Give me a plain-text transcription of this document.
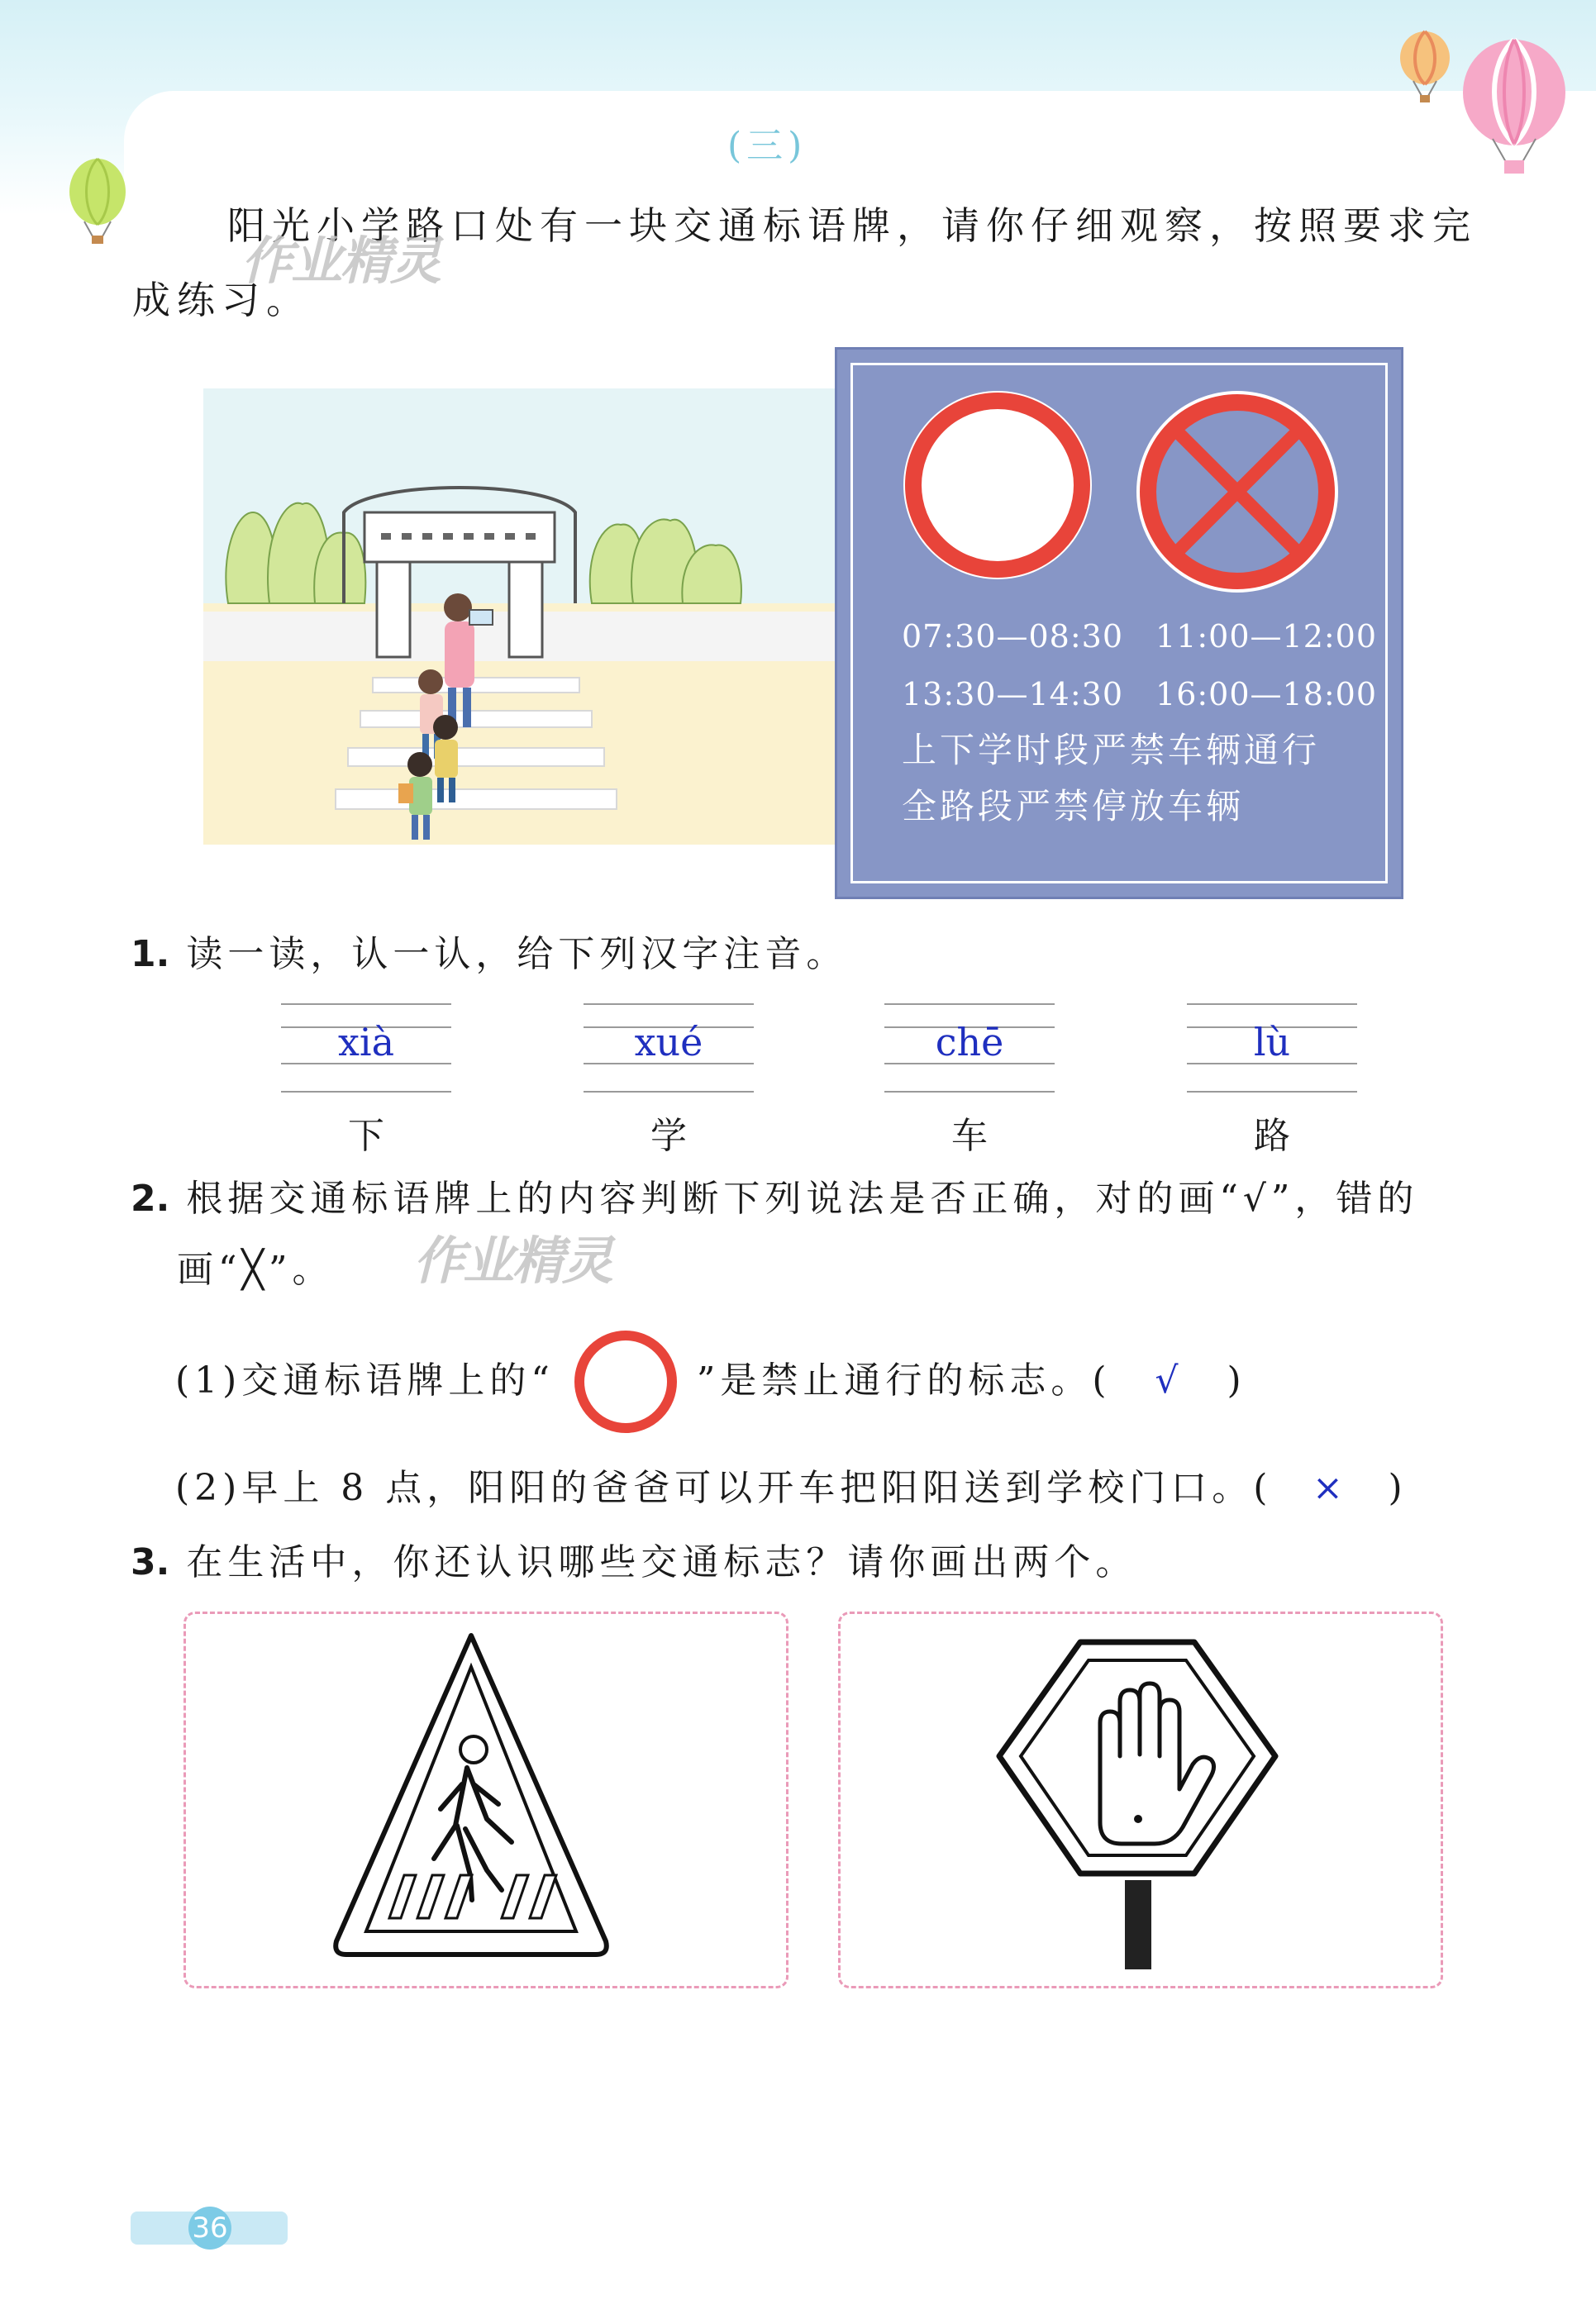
(三)
阳光小学路口处有一块交通标语牌，请你仔细观察，按照要求完成练习。
作业精灵
07:30—08:30　11:00—12:00
13:30—14:30　16:00—18:00
上下学时段严禁车辆通行
全路段严禁停放车辆
1. 读一读，认一认，给下列汉字注音。
xià	xué	chē	lù
下	学	车	路
2. 根据交通标语牌上的内容判断下列说法是否正确，对的画“√”，错的
画“╳”。 作业精灵
(1)交通标语牌上的“	”是禁止通行的标志。( √ )
(2)早上 8 点，阳阳的爸爸可以开车把阳阳送到学校门口。( × )
3. 在生活中，你还认识哪些交通标志？请你画出两个。
36
